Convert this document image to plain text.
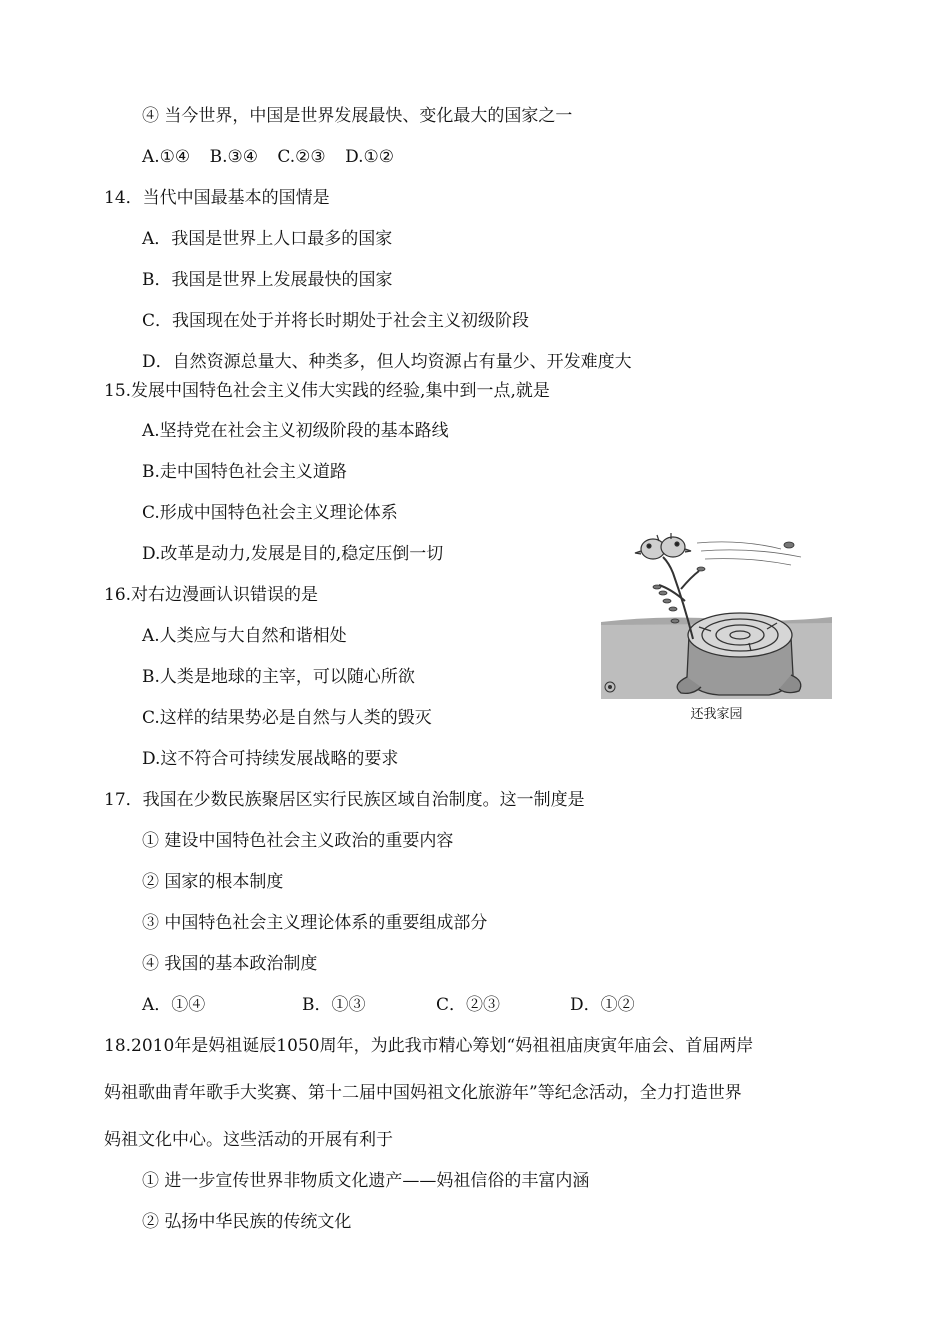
④ 当今世界，中国是世界发展最快、变化最大的国家之一
A.①④ B.③④ C.②③ D.①②
14．当代中国最基本的国情是
A．我国是世界上人口最多的国家
B．我国是世界上发展最快的国家
C．我国现在处于并将长时期处于社会主义初级阶段
D．自然资源总量大、种类多，但人均资源占有量少、开发难度大
15.发展中国特色社会主义伟大实践的经验,集中到一点,就是
A.坚持党在社会主义初级阶段的基本路线
B.走中国特色社会主义道路
C.形成中国特色社会主义理论体系
D.改革是动力,发展是目的,稳定压倒一切
16.对右边漫画认识错误的是
A.人类应与大自然和谐相处
B.人类是地球的主宰，可以随心所欲
C.这样的结果势必是自然与人类的毁灭
D.这不符合可持续发展战略的要求
还我家园
17．我国在少数民族聚居区实行民族区域自治制度。这一制度是
① 建设中国特色社会主义政治的重要内容
② 国家的根本制度
③ 中国特色社会主义理论体系的重要组成部分
④ 我国的基本政治制度
A．①④	B．①③	C．②③	D．①②
18.2010年是妈祖诞辰1050周年，为此我市精心筹划“妈祖祖庙庚寅年庙会、首届两岸
妈祖歌曲青年歌手大奖赛、第十二届中国妈祖文化旅游年”等纪念活动，全力打造世界
妈祖文化中心。这些活动的开展有利于
① 进一步宣传世界非物质文化遗产——妈祖信俗的丰富内涵
② 弘扬中华民族的传统文化
